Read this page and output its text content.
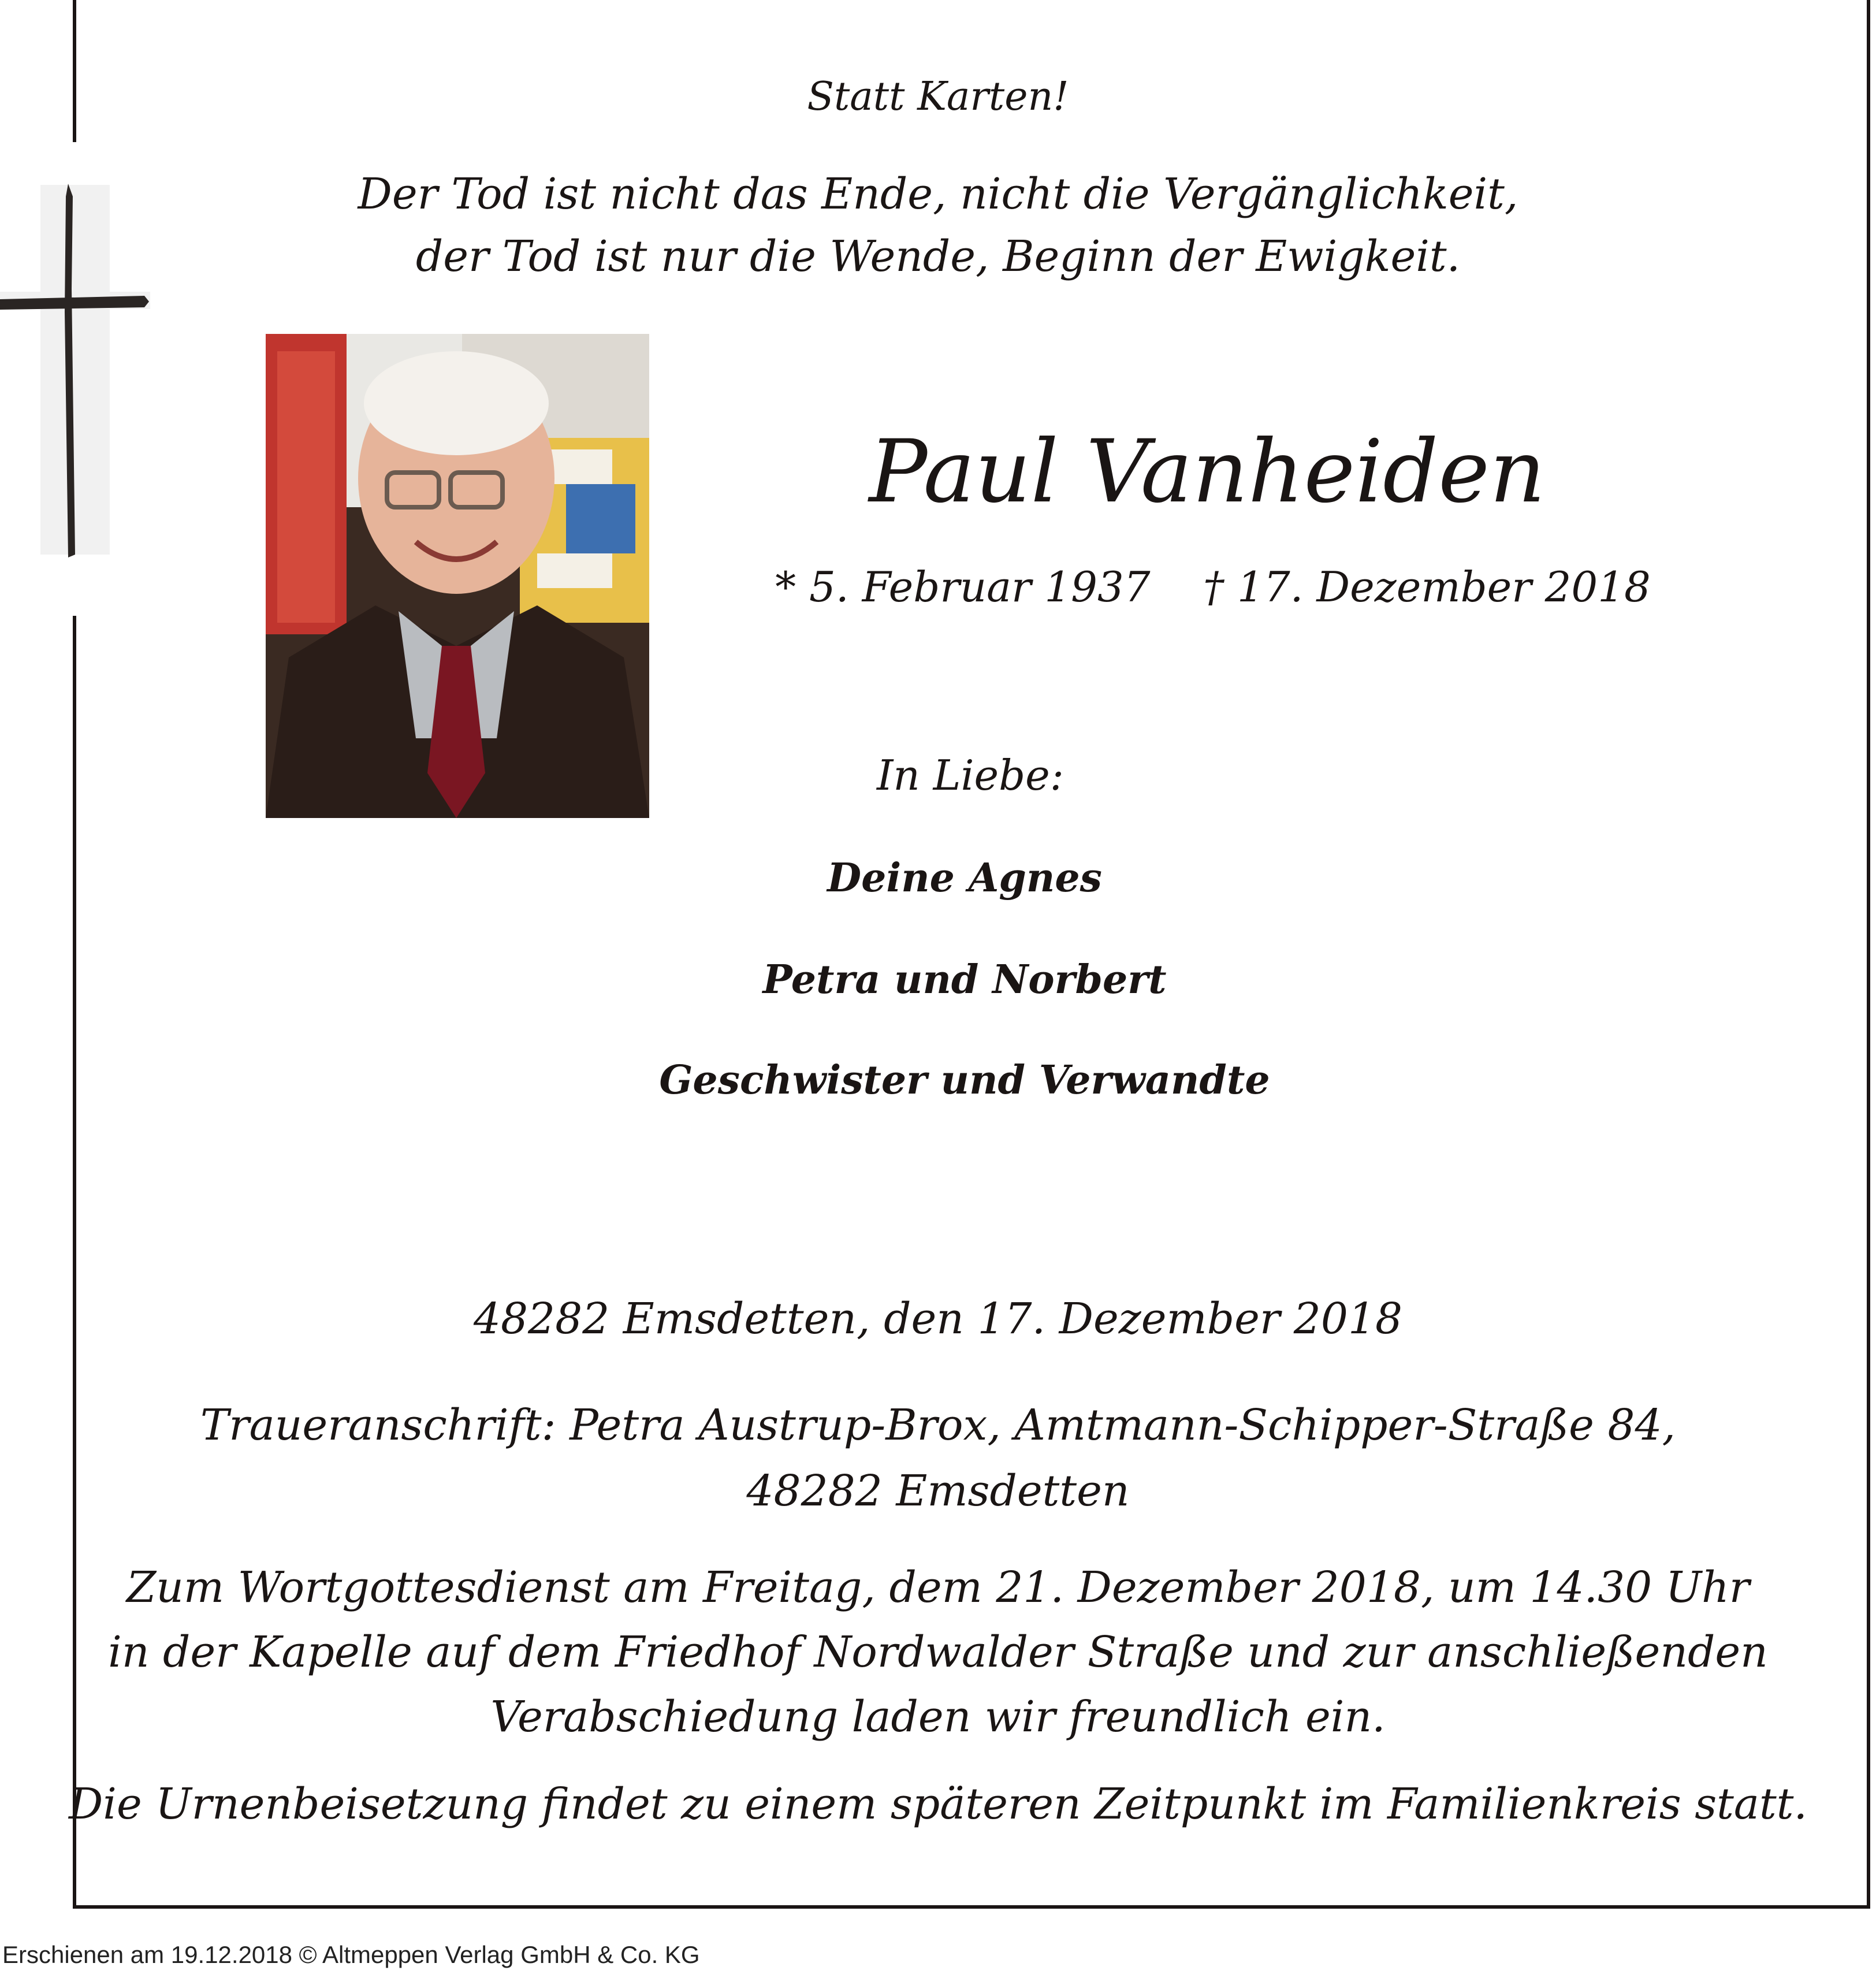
Statt Karten!
Der Tod ist nicht das Ende, nicht die Vergänglichkeit,
der Tod ist nur die Wende, Beginn der Ewigkeit.
Paul Vanheiden
* 5. Februar 1937 † 17. Dezember 2018
In Liebe:
Deine Agnes
Petra und Norbert
Geschwister und Verwandte
48282 Emsdetten, den 17. Dezember 2018
Traueranschrift: Petra Austrup-Brox, Amtmann-Schipper-Straße 84,
48282 Emsdetten
Zum Wortgottesdienst am Freitag, dem 21. Dezember 2018, um 14.30 Uhr
in der Kapelle auf dem Friedhof Nordwalder Straße und zur anschließenden
Verabschiedung laden wir freundlich ein.
Die Urnenbeisetzung findet zu einem späteren Zeitpunkt im Familienkreis statt.
Erschienen am 19.12.2018 © Altmeppen Verlag GmbH & Co. KG
